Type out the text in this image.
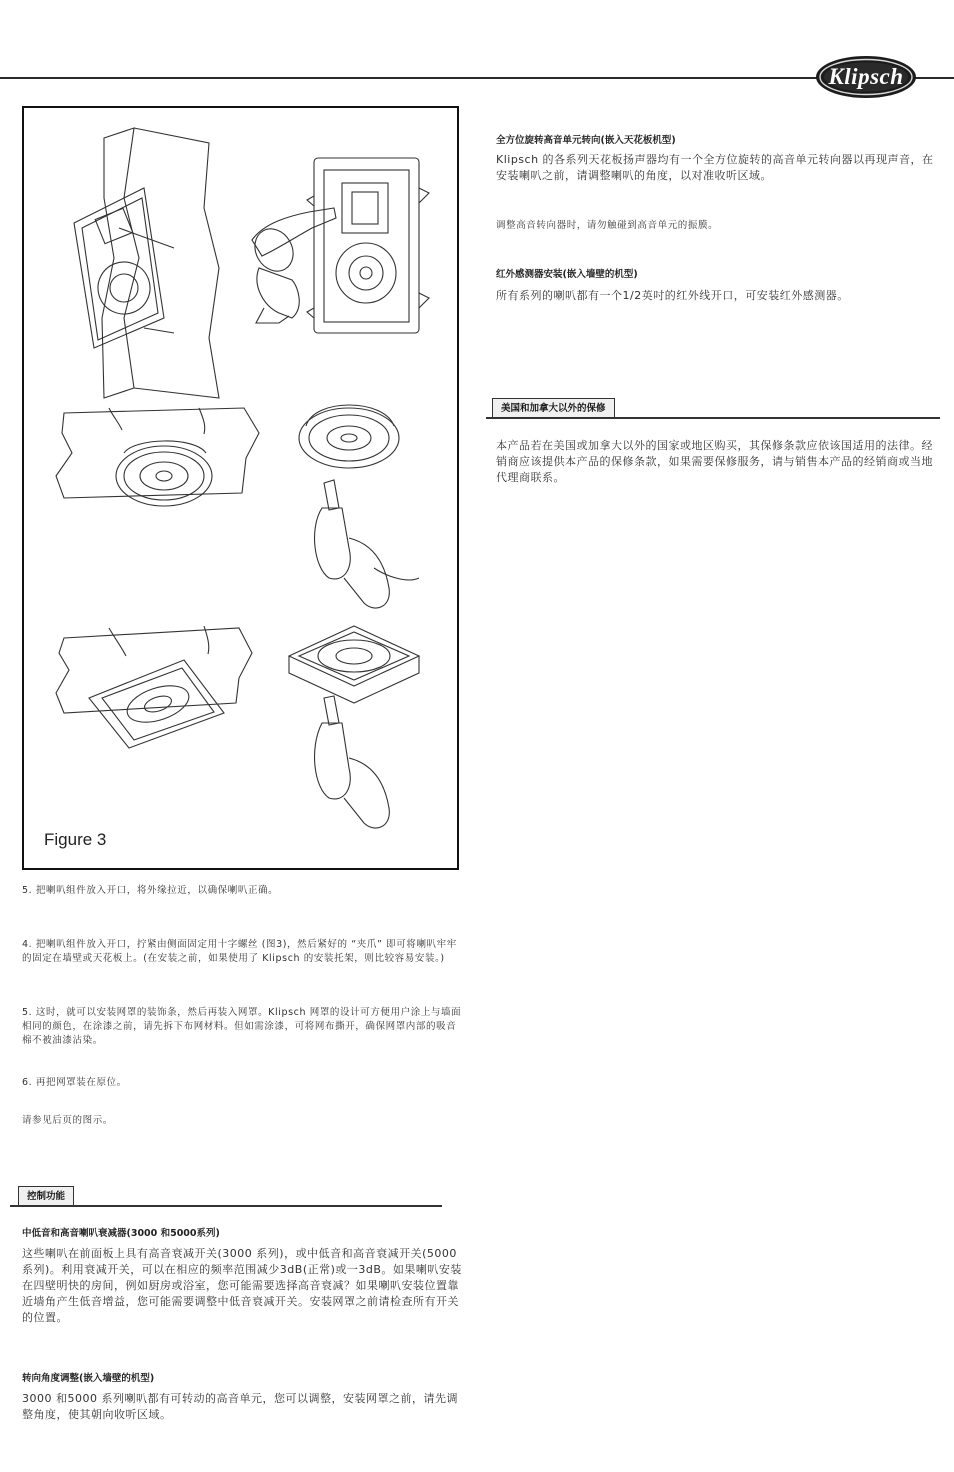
Klipsch
Figure 3
5. 把喇叭组件放入开口，将外缘拉近，以确保喇叭正确。
4. 把喇叭组件放入开口，拧紧由侧面固定用十字螺丝 (图3)，然后紧好的 “夹爪” 即可将喇叭牢牢的固定在墙壁或天花板上。(在安装之前，如果使用了 Klipsch 的安装托架，则比较容易安装。)
5. 这时，就可以安装网罩的装饰条，然后再装入网罩。Klipsch 网罩的设计可方便用户涂上与墙面相同的颜色，在涂漆之前，请先拆下布网材料。但如需涂漆，可将网布撕开，确保网罩内部的吸音棉不被油漆沾染。
6. 再把网罩装在原位。
请参见后页的图示。
控制功能
中低音和高音喇叭衰减器(3000 和5000系列)
这些喇叭在前面板上具有高音衰减开关(3000 系列)，或中低音和高音衰减开关(5000 系列)。利用衰减开关，可以在相应的频率范围减少3dB(正常)或一3dB。如果喇叭安装在四壁明快的房间，例如厨房或浴室，您可能需要选择高音衰减？如果喇叭安装位置靠近墙角产生低音增益，您可能需要调整中低音衰减开关。安装网罩之前请检查所有开关的位置。
转向角度调整(嵌入墙壁的机型)
3000 和5000 系列喇叭都有可转动的高音单元，您可以调整，安装网罩之前，请先调整角度，使其朝向收听区域。
全方位旋转高音单元转向(嵌入天花板机型)
Klipsch 的各系列天花板扬声器均有一个全方位旋转的高音单元转向器以再现声音，在安装喇叭之前，请调整喇叭的角度，以对准收听区域。
调整高音转向器时，请勿触碰到高音单元的振膜。
红外感测器安装(嵌入墙壁的机型)
所有系列的喇叭都有一个1/2英吋的红外线开口，可安装红外感测器。
美国和加拿大以外的保修
本产品若在美国或加拿大以外的国家或地区购买，其保修条款应依该国适用的法律。经销商应该提供本产品的保修条款，如果需要保修服务，请与销售本产品的经销商或当地代理商联系。
